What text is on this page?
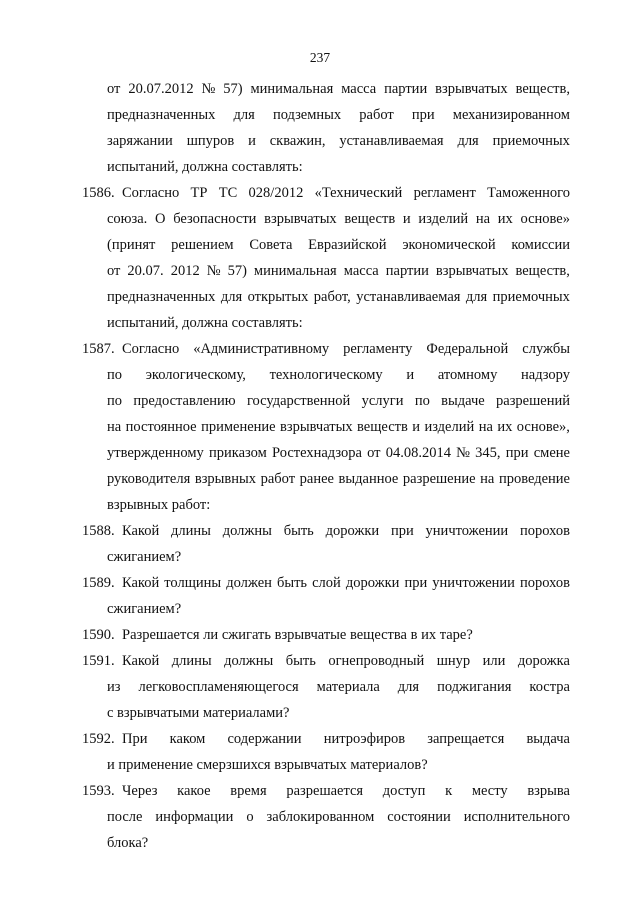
237
от 20.07.2012 № 57) минимальная масса партии взрывчатых веществ,
предназначенных для подземных работ при механизированном
заряжании шпуров и скважин, устанавливаемая для приемочных
испытаний, должна составлять:
1586. Согласно ТР ТС 028/2012 «Технический регламент Таможенного
союза. О безопасности взрывчатых веществ и изделий на их основе»
(принят решением Совета Евразийской экономической комиссии
от 20.07. 2012 № 57) минимальная масса партии взрывчатых веществ,
предназначенных для открытых работ, устанавливаемая для приемочных
испытаний, должна составлять:
1587. Согласно «Административному регламенту Федеральной службы
по экологическому, технологическому и атомному надзору
по предоставлению государственной услуги по выдаче разрешений
на постоянное применение взрывчатых веществ и изделий на их основе»,
утвержденному приказом Ростехнадзора от 04.08.2014 № 345, при смене
руководителя взрывных работ ранее выданное разрешение на проведение
взрывных работ:
1588. Какой длины должны быть дорожки при уничтожении порохов
сжиганием?
1589. Какой толщины должен быть слой дорожки при уничтожении порохов
сжиганием?
1590. Разрешается ли сжигать взрывчатые вещества в их таре?
1591. Какой длины должны быть огнепроводный шнур или дорожка
из легковоспламеняющегося материала для поджигания костра
с взрывчатыми материалами?
1592. При каком содержании нитроэфиров запрещается выдача
и применение смерзшихся взрывчатых материалов?
1593. Через какое время разрешается доступ к месту взрыва
после информации о заблокированном состоянии исполнительного
блока?
